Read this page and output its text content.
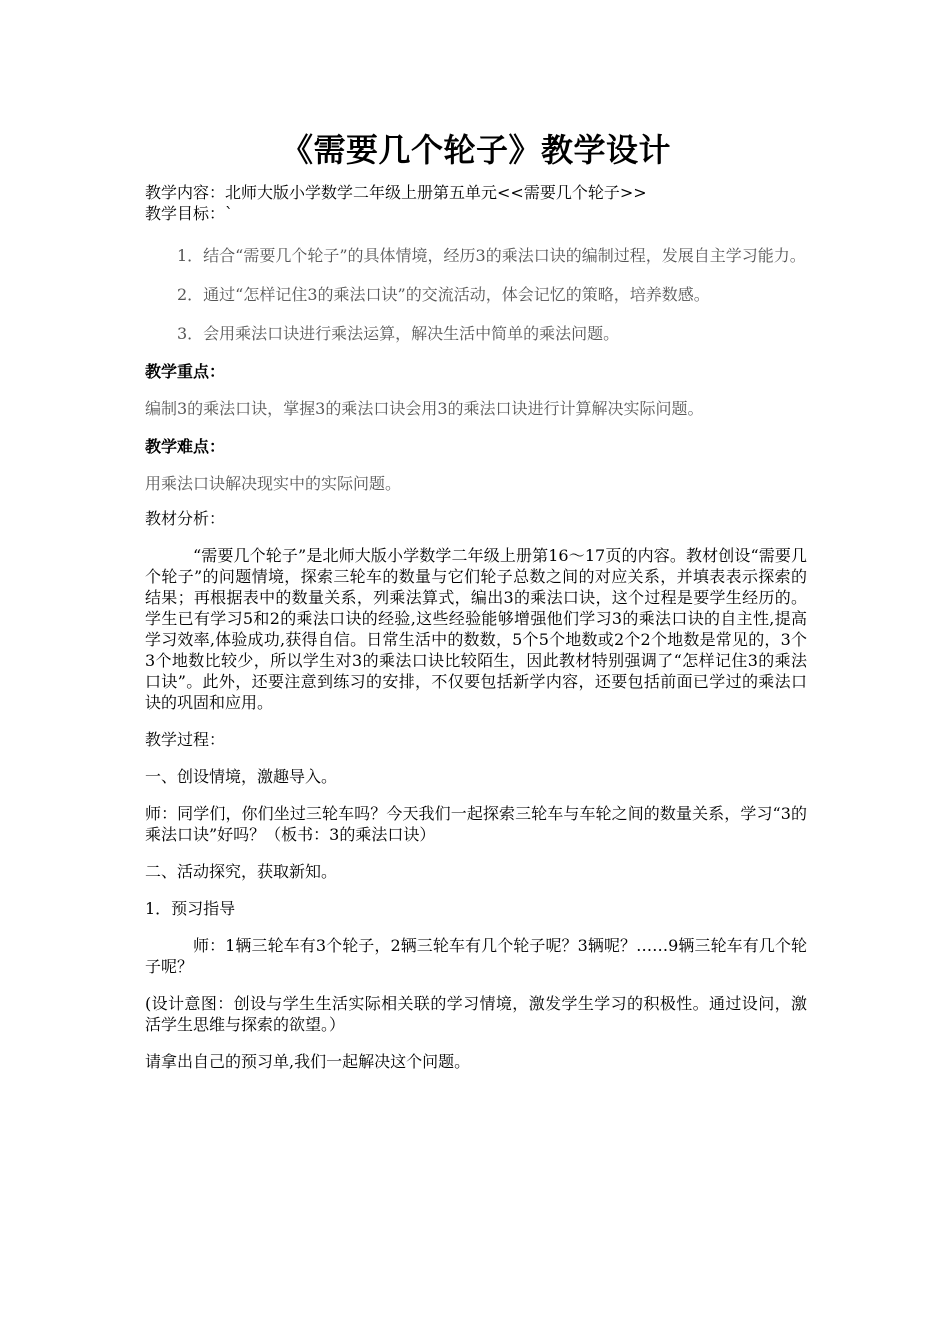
《需要几个轮子》教学设计

教学内容：北师大版小学数学二年级上册第五单元<<需要几个轮子>>

教学目标：`

1．结合“需要几个轮子”的具体情境，经历3的乘法口诀的编制过程，发展自主学习能力。

2．通过“怎样记住3的乘法口诀”的交流活动，体会记忆的策略，培养数感。

3．会用乘法口诀进行乘法运算，解决生活中简单的乘法问题。

教学重点：

编制3的乘法口诀，掌握3的乘法口诀会用3的乘法口诀进行计算解决实际问题。

教学难点：

用乘法口诀解决现实中的实际问题。

教材分析：

“需要几个轮子”是北师大版小学数学二年级上册第16～17页的内容。教材创设“需要几个轮子”的问题情境，探索三轮车的数量与它们轮子总数之间的对应关系，并填表表示探索的结果；再根据表中的数量关系，列乘法算式，编出3的乘法口诀，这个过程是要学生经历的。学生已有学习5和2的乘法口诀的经验,这些经验能够增强他们学习3的乘法口诀的自主性,提高学习效率,体验成功,获得自信。日常生活中的数数，5个5个地数或2个2个地数是常见的，3个3个地数比较少，所以学生对3的乘法口诀比较陌生，因此教材特别强调了“怎样记住3的乘法口诀”。此外，还要注意到练习的安排，不仅要包括新学内容，还要包括前面已学过的乘法口诀的巩固和应用。

教学过程：

一、创设情境，激趣导入。

师：同学们，你们坐过三轮车吗？今天我们一起探索三轮车与车轮之间的数量关系，学习“3的乘法口诀”好吗？（板书：3的乘法口诀）

二、活动探究，获取新知。

1．预习指导

师：1辆三轮车有3个轮子，2辆三轮车有几个轮子呢？3辆呢？……9辆三轮车有几个轮子呢？

(设计意图：创设与学生生活实际相关联的学习情境，激发学生学习的积极性。通过设问，激活学生思维与探索的欲望。）

请拿出自己的预习单,我们一起解决这个问题。
